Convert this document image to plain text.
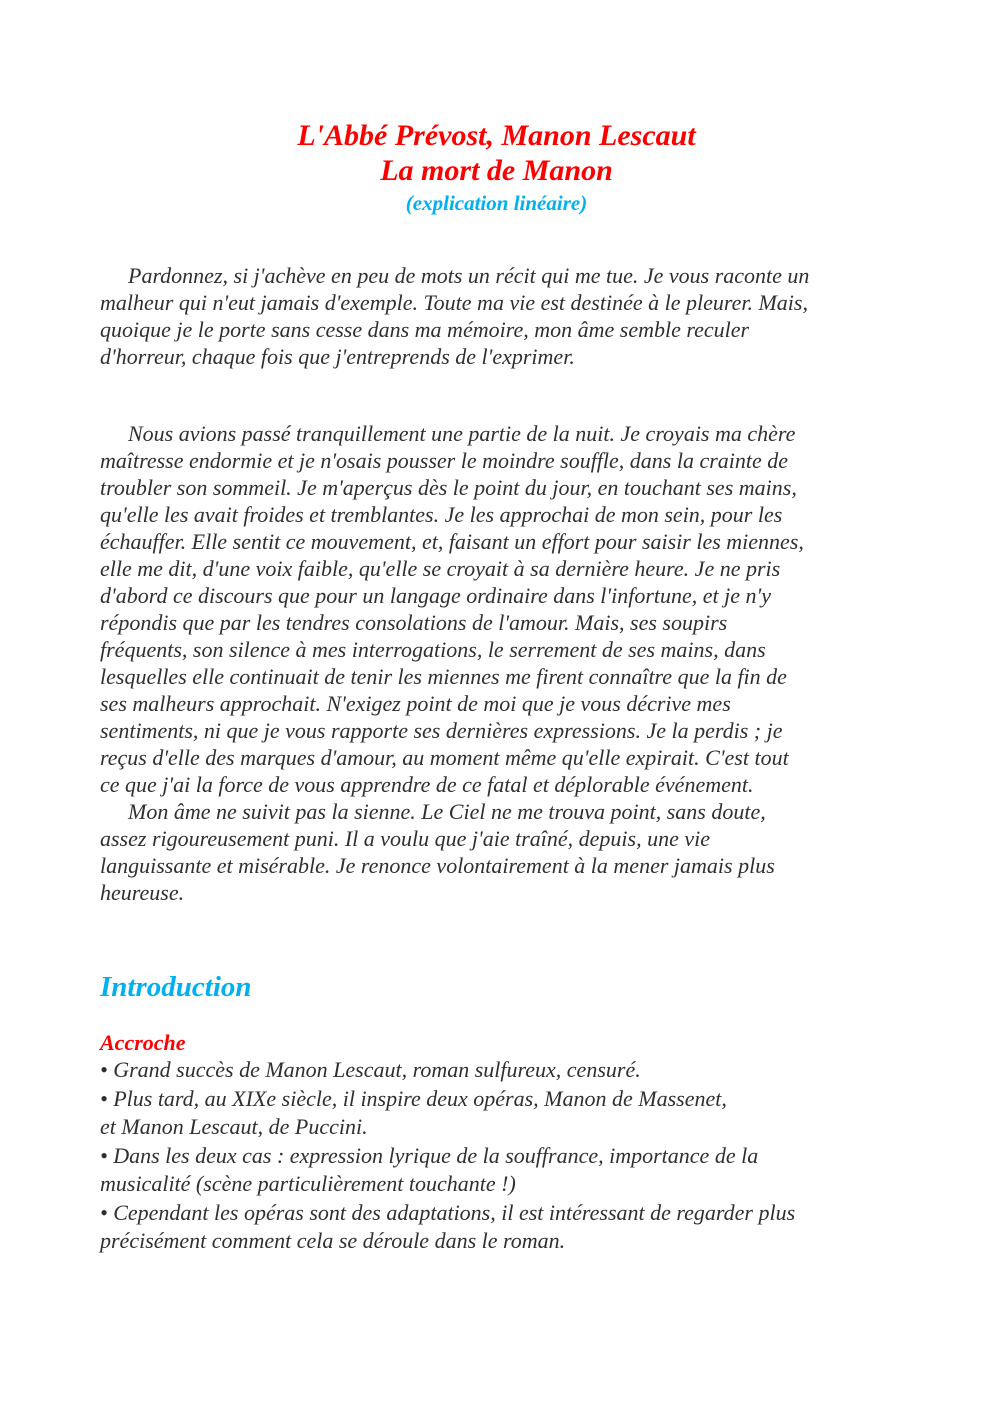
L'Abbé Prévost, Manon Lescaut
La mort de Manon
(explication linéaire)
Pardonnez, si j'achève en peu de mots un récit qui me tue. Je vous raconte un
malheur qui n'eut jamais d'exemple. Toute ma vie est destinée à le pleurer. Mais,
quoique je le porte sans cesse dans ma mémoire, mon âme semble reculer
d'horreur, chaque fois que j'entreprends de l'exprimer.
Nous avions passé tranquillement une partie de la nuit. Je croyais ma chère
maîtresse endormie et je n'osais pousser le moindre souffle, dans la crainte de
troubler son sommeil. Je m'aperçus dès le point du jour, en touchant ses mains,
qu'elle les avait froides et tremblantes. Je les approchai de mon sein, pour les
échauffer. Elle sentit ce mouvement, et, faisant un effort pour saisir les miennes,
elle me dit, d'une voix faible, qu'elle se croyait à sa dernière heure. Je ne pris
d'abord ce discours que pour un langage ordinaire dans l'infortune, et je n'y
répondis que par les tendres consolations de l'amour. Mais, ses soupirs
fréquents, son silence à mes interrogations, le serrement de ses mains, dans
lesquelles elle continuait de tenir les miennes me firent connaître que la fin de
ses malheurs approchait. N'exigez point de moi que je vous décrive mes
sentiments, ni que je vous rapporte ses dernières expressions. Je la perdis ; je
reçus d'elle des marques d'amour, au moment même qu'elle expirait. C'est tout
ce que j'ai la force de vous apprendre de ce fatal et déplorable événement.
Mon âme ne suivit pas la sienne. Le Ciel ne me trouva point, sans doute,
assez rigoureusement puni. Il a voulu que j'aie traîné, depuis, une vie
languissante et misérable. Je renonce volontairement à la mener jamais plus
heureuse.
Introduction
Accroche
• Grand succès de Manon Lescaut, roman sulfureux, censuré.
• Plus tard, au XIXe siècle, il inspire deux opéras, Manon de Massenet,
et Manon Lescaut, de Puccini.
• Dans les deux cas : expression lyrique de la souffrance, importance de la
musicalité (scène particulièrement touchante !)
• Cependant les opéras sont des adaptations, il est intéressant de regarder plus
précisément comment cela se déroule dans le roman.
